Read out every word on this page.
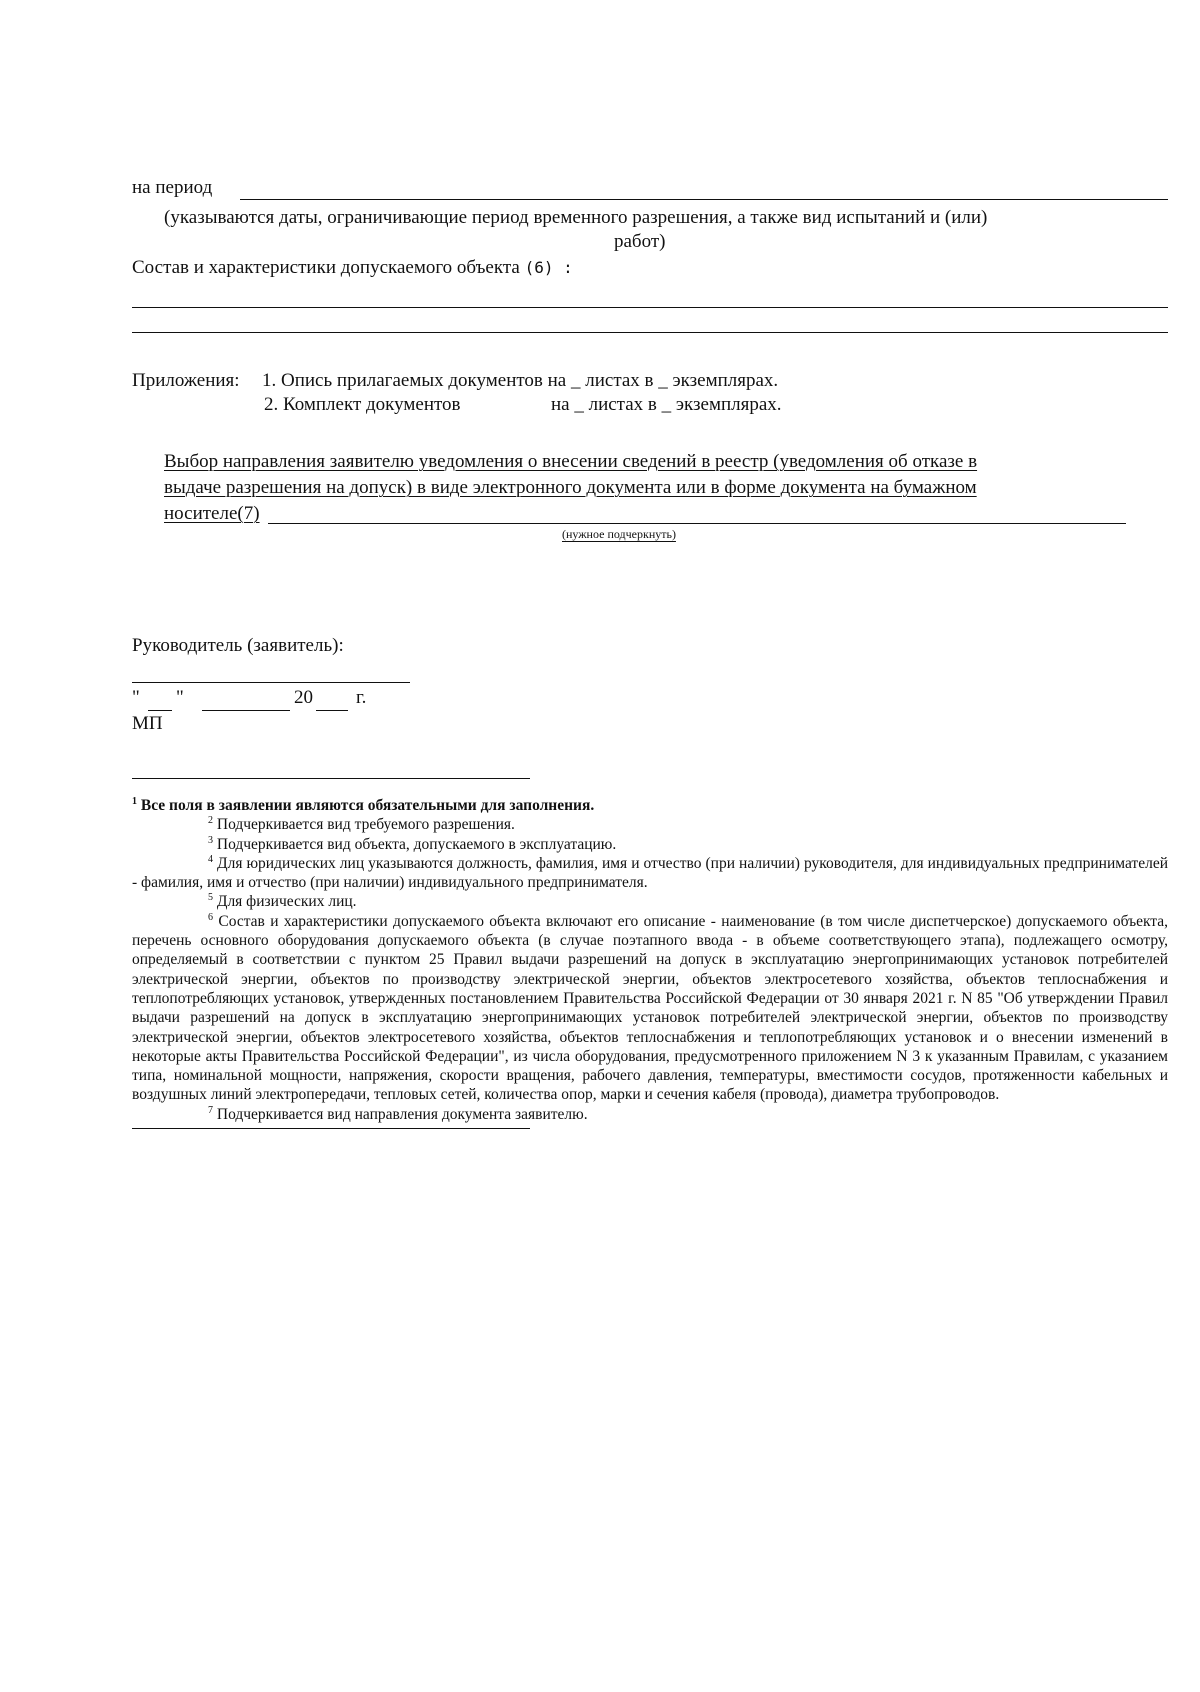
на период
(указываются даты, ограничивающие период временного разрешения, а также вид испытаний и (или)
работ)
Состав и характеристики допускаемого объекта (6) :
Приложения: 1. Опись прилагаемых документов на _ листах в _ экземплярах.
2. Комплект документов	на _ листах в _ экземплярах.
Выбор направления заявителю уведомления о внесении сведений в реестр (уведомления об отказе в
выдаче разрешения на допуск) в виде электронного документа или в форме документа на бумажном
носителе(7)
(нужное подчеркнуть)
Руководитель (заявитель):
" "	20 г.
МП

$^1$ Все поля в заявлении являются обязательными для заполнения.

$^2$ Подчеркивается вид требуемого разрешения.

$^3$ Подчеркивается вид объекта, допускаемого в эксплуатацию.

$^4$ Для юридических лиц указываются должность, фамилия, имя и отчество (при наличии) руководителя, для индивидуальных предпринимателей - фамилия, имя и отчество (при наличии) индивидуального предпринимателя.

$^5$ Для физических лиц.

$^6$ Состав и характеристики допускаемого объекта включают его описание - наименование (в том числе диспетчерское) допускаемого объекта, перечень основного оборудования допускаемого объекта (в случае поэтапного ввода - в объеме соответствующего этапа), подлежащего осмотру, определяемый в соответствии с пунктом 25 Правил выдачи разрешений на допуск в эксплуатацию энергопринимающих установок потребителей электрической энергии, объектов по производству электрической энергии, объектов электросетевого хозяйства, объектов теплоснабжения и теплопотребляющих установок, утвержденных постановлением Правительства Российской Федерации от 30 января 2021 г. N 85 "Об утверждении Правил выдачи разрешений на допуск в эксплуатацию энергопринимающих установок потребителей электрической энергии, объектов по производству электрической энергии, объектов электросетевого хозяйства, объектов теплоснабжения и теплопотребляющих установок и о внесении изменений в некоторые акты Правительства Российской Федерации", из числа оборудования, предусмотренного приложением N 3 к указанным Правилам, с указанием типа, номинальной мощности, напряжения, скорости вращения, рабочего давления, температуры, вместимости сосудов, протяженности кабельных и воздушных линий электропередачи, тепловых сетей, количества опор, марки и сечения кабеля (провода), диаметра трубопроводов.

$^7$ Подчеркивается вид направления документа заявителю.
